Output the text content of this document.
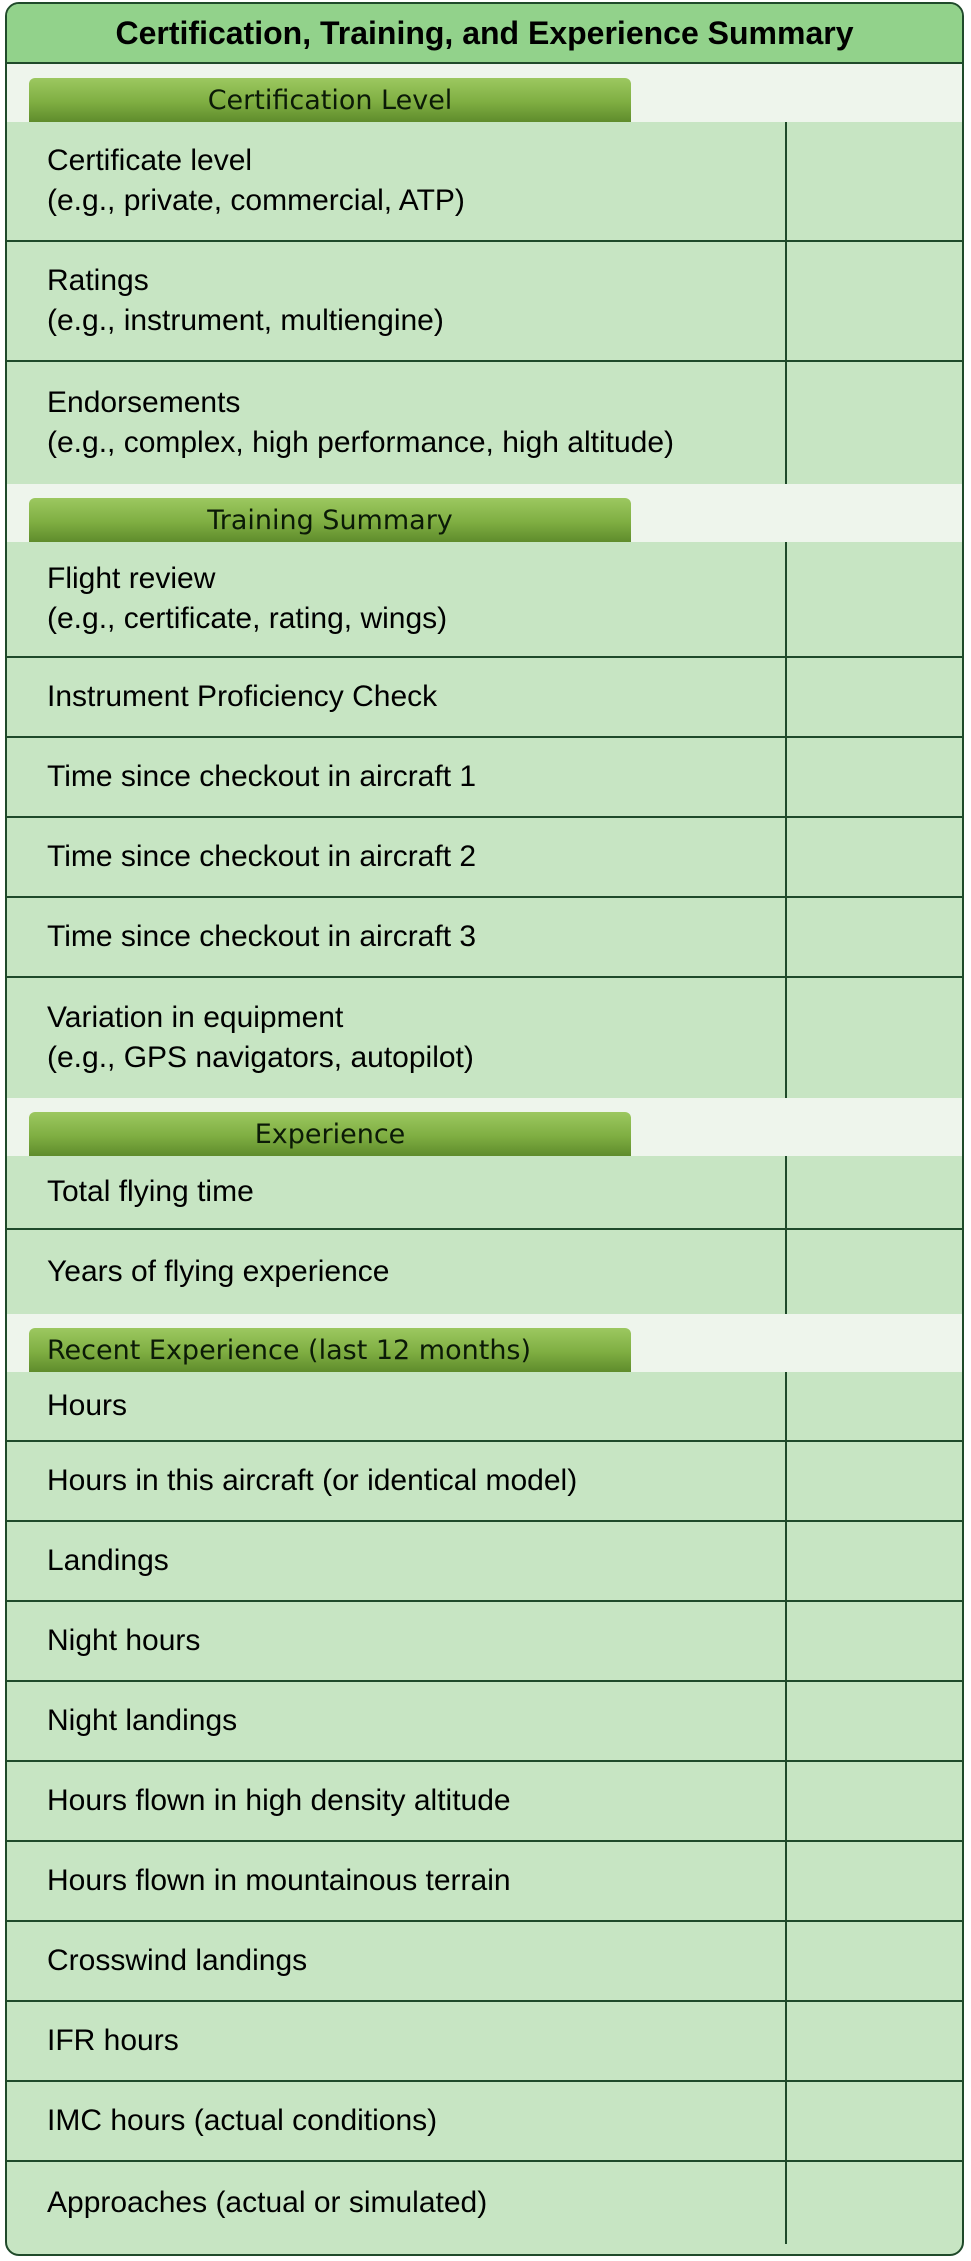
Certification, Training, and Experience Summary
Certification Level
Certificate level
(e.g., private, commercial, ATP)
Ratings
(e.g., instrument, multiengine)
Endorsements
(e.g., complex, high performance, high altitude)
Training Summary
Flight review
(e.g., certificate, rating, wings)
Instrument Proficiency Check
Time since checkout in aircraft 1
Time since checkout in aircraft 2
Time since checkout in aircraft 3
Variation in equipment
(e.g., GPS navigators, autopilot)
Experience
Total flying time
Years of flying experience
Recent Experience (last 12 months)
Hours
Hours in this aircraft (or identical model)
Landings
Night hours
Night landings
Hours flown in high density altitude
Hours flown in mountainous terrain
Crosswind landings
IFR hours
IMC hours (actual conditions)
Approaches (actual or simulated)
